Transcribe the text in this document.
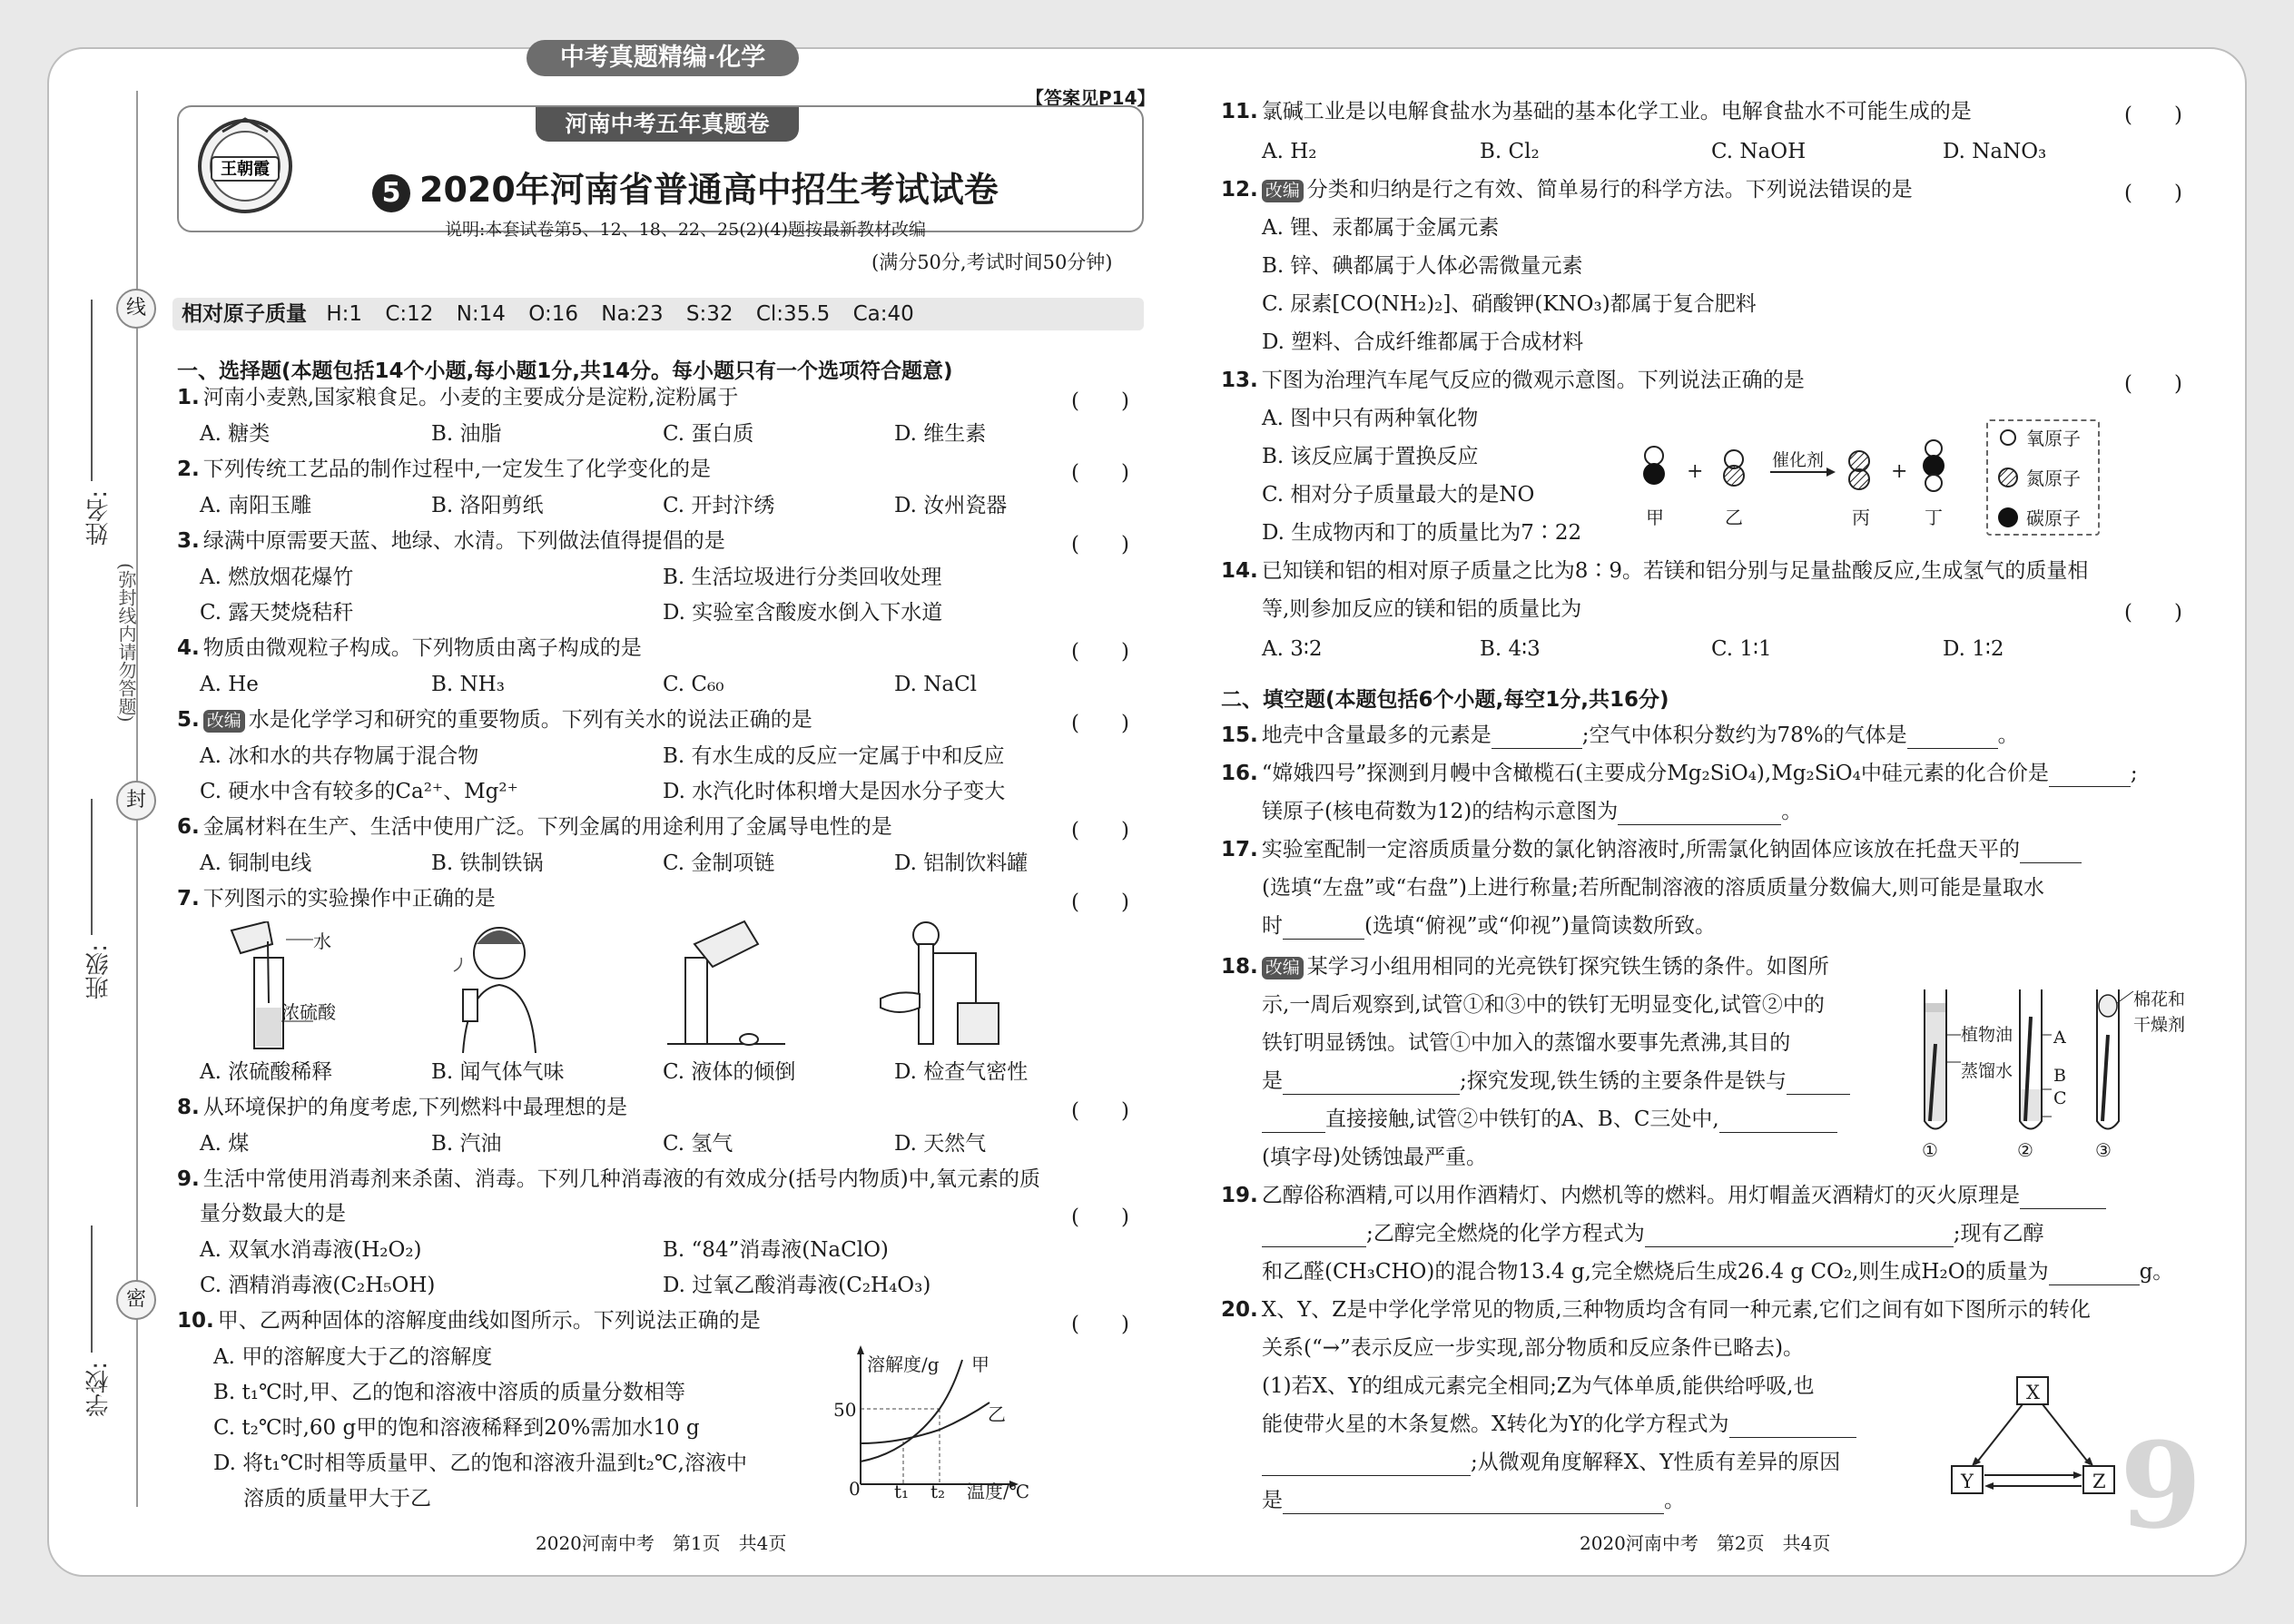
中考真题精编·化学
线
封
密
(弥封线内请勿答题)
姓名:
班级:
学校:
【答案见P14】
河南中考五年真题卷
王朝霞
5 2020年河南省普通高中招生考试试卷
说明:本套试卷第5、12、18、22、25(2)(4)题按最新教材改编
(满分50分,考试时间50分钟)
相对原子质量 H:1 C:12 N:14 O:16 Na:23 S:32 Cl:35.5 Ca:40
一、选择题(本题包括14个小题,每小题1分,共14分。每小题只有一个选项符合题意)
1. 河南小麦熟,国家粮食足。小麦的主要成分是淀粉,淀粉属于	(　　)
A. 糖类	B. 油脂	C. 蛋白质	D. 维生素
2. 下列传统工艺品的制作过程中,一定发生了化学变化的是	(　　)
A. 南阳玉雕	B. 洛阳剪纸	C. 开封汴绣	D. 汝州瓷器
3. 绿满中原需要天蓝、地绿、水清。下列做法值得提倡的是	(　　)
A. 燃放烟花爆竹	B. 生活垃圾进行分类回收处理
C. 露天焚烧秸秆	D. 实验室含酸废水倒入下水道
4. 物质由微观粒子构成。下列物质由离子构成的是	(　　)
A. He	B. NH₃	C. C₆₀	D. NaCl
5. 改编 水是化学学习和研究的重要物质。下列有关水的说法正确的是	(　　)
A. 冰和水的共存物属于混合物	B. 有水生成的反应一定属于中和反应
C. 硬水中含有较多的Ca²⁺、Mg²⁺	D. 水汽化时体积增大是因水分子变大
6. 金属材料在生产、生活中使用广泛。下列金属的用途利用了金属导电性的是	(　　)
A. 铜制电线	B. 铁制铁锅	C. 金制项链	D. 铝制饮料罐
7. 下列图示的实验操作中正确的是	(　　)
水
浓硫酸
A. 浓硫酸稀释	B. 闻气体气味	C. 液体的倾倒	D. 检查气密性
8. 从环境保护的角度考虑,下列燃料中最理想的是	(　　)
A. 煤	B. 汽油	C. 氢气	D. 天然气
9. 生活中常使用消毒剂来杀菌、消毒。下列几种消毒液的有效成分(括号内物质)中,氧元素的质
量分数最大的是	(　　)
A. 双氧水消毒液(H₂O₂)	B. “84”消毒液(NaClO)
C. 酒精消毒液(C₂H₅OH)	D. 过氧乙酸消毒液(C₂H₄O₃)
10. 甲、乙两种固体的溶解度曲线如图所示。下列说法正确的是	(　　)
A. 甲的溶解度大于乙的溶解度
B. t₁℃时,甲、乙的饱和溶液中溶质的质量分数相等
C. t₂℃时,60 g甲的饱和溶液稀释到20%需加水10 g
D. 将t₁℃时相等质量甲、乙的饱和溶液升温到t₂℃,溶液中
溶质的质量甲大于乙
溶解度/g 甲
乙
50
0 t₁ t₂ 温度/℃
2020河南中考　第1页　共4页
11. 氯碱工业是以电解食盐水为基础的基本化学工业。电解食盐水不可能生成的是	(　　)
A. H₂	B. Cl₂	C. NaOH	D. NaNO₃
12. 改编 分类和归纳是行之有效、简单易行的科学方法。下列说法错误的是	(　　)
A. 锂、汞都属于金属元素
B. 锌、碘都属于人体必需微量元素
C. 尿素[CO(NH₂)₂]、硝酸钾(KNO₃)都属于复合肥料
D. 塑料、合成纤维都属于合成材料
13. 下图为治理汽车尾气反应的微观示意图。下列说法正确的是	(　　)
A. 图中只有两种氧化物
B. 该反应属于置换反应
C. 相对分子质量最大的是NO
D. 生成物丙和丁的质量比为7∶22
+	+
催化剂
甲	乙	丙	丁
氧原子
氮原子
碳原子
14. 已知镁和铝的相对原子质量之比为8∶9。若镁和铝分别与足量盐酸反应,生成氢气的质量相
等,则参加反应的镁和铝的质量比为	(　　)
A. 3∶2	B. 4∶3	C. 1∶1	D. 1∶2
二、填空题(本题包括6个小题,每空1分,共16分)
15. 地壳中含量最多的元素是	;空气中体积分数约为78%的气体是	。
16. “嫦娥四号”探测到月幔中含橄榄石(主要成分Mg₂SiO₄),Mg₂SiO₄中硅元素的化合价是	;
镁原子(核电荷数为12)的结构示意图为	。
17. 实验室配制一定溶质质量分数的氯化钠溶液时,所需氯化钠固体应该放在托盘天平的
(选填“左盘”或“右盘”)上进行称量;若所配制溶液的溶质质量分数偏大,则可能是量取水
时	(选填“俯视”或“仰视”)量筒读数所致。
18. 改编 某学习小组用相同的光亮铁钉探究铁生锈的条件。如图所
示,一周后观察到,试管①和③中的铁钉无明显变化,试管②中的
铁钉明显锈蚀。试管①中加入的蒸馏水要事先煮沸,其目的
是	;探究发现,铁生锈的主要条件是铁与
直接接触,试管②中铁钉的A、B、C三处中,
(填字母)处锈蚀最严重。
植物油
蒸馏水
A
B
C
棉花和
干燥剂
①	②	③
19. 乙醇俗称酒精,可以用作酒精灯、内燃机等的燃料。用灯帽盖灭酒精灯的灭火原理是
;乙醇完全燃烧的化学方程式为	;现有乙醇
和乙醛(CH₃CHO)的混合物13.4 g,完全燃烧后生成26.4 g CO₂,则生成H₂O的质量为	g。
20. X、Y、Z是中学化学常见的物质,三种物质均含有同一种元素,它们之间有如下图所示的转化
关系(“→”表示反应一步实现,部分物质和反应条件已略去)。
(1)若X、Y的组成元素完全相同;Z为气体单质,能供给呼吸,也
能使带火星的木条复燃。X转化为Y的化学方程式为
;从微观角度解释X、Y性质有差异的原因
是	。
X
Y	Z 9
2020河南中考　第2页　共4页
